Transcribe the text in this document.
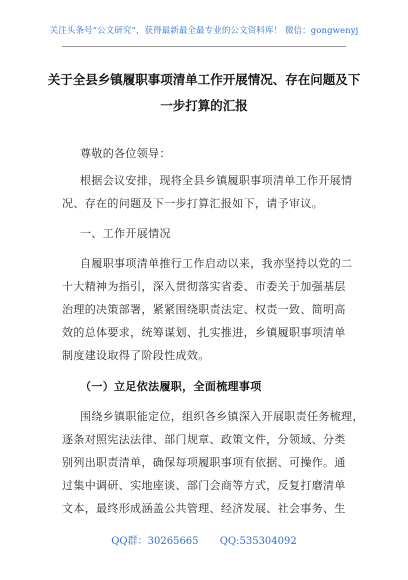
关注头条号“公文研究”，获得最新最全最专业的公文资料库！ 微信：gongwenyj
关于全县乡镇履职事项清单工作开展情况、存在问题及下
一步打算的汇报
尊敬的各位领导：
根据会议安排，现将全县乡镇履职事项清单工作开展情
况、存在的问题及下一步打算汇报如下，请予审议。
一、工作开展情况
自履职事项清单推行工作启动以来，我亦坚持以党的二
十大精神为指引，深入贯彻落实省委、市委关于加强基层
治理的决策部署，紧紧围绕职责法定、权责一致、简明高
效的总体要求，统筹谋划、扎实推进，乡镇履职事项清单
制度建设取得了阶段性成效。
（一）立足依法履职，全面梳理事项
围绕乡镇职能定位，组织各乡镇深入开展职责任务梳理，
逐条对照宪法法律、部门规章、政策文件，分领域、分类
别列出职责清单，确保每项履职事项有依据、可操作。通
过集中调研、实地座谈、部门会商等方式，反复打磨清单
文本，最终形成涵盖公共管理、经济发展、社会事务、生
QQ群：30265665 QQ:535304092
